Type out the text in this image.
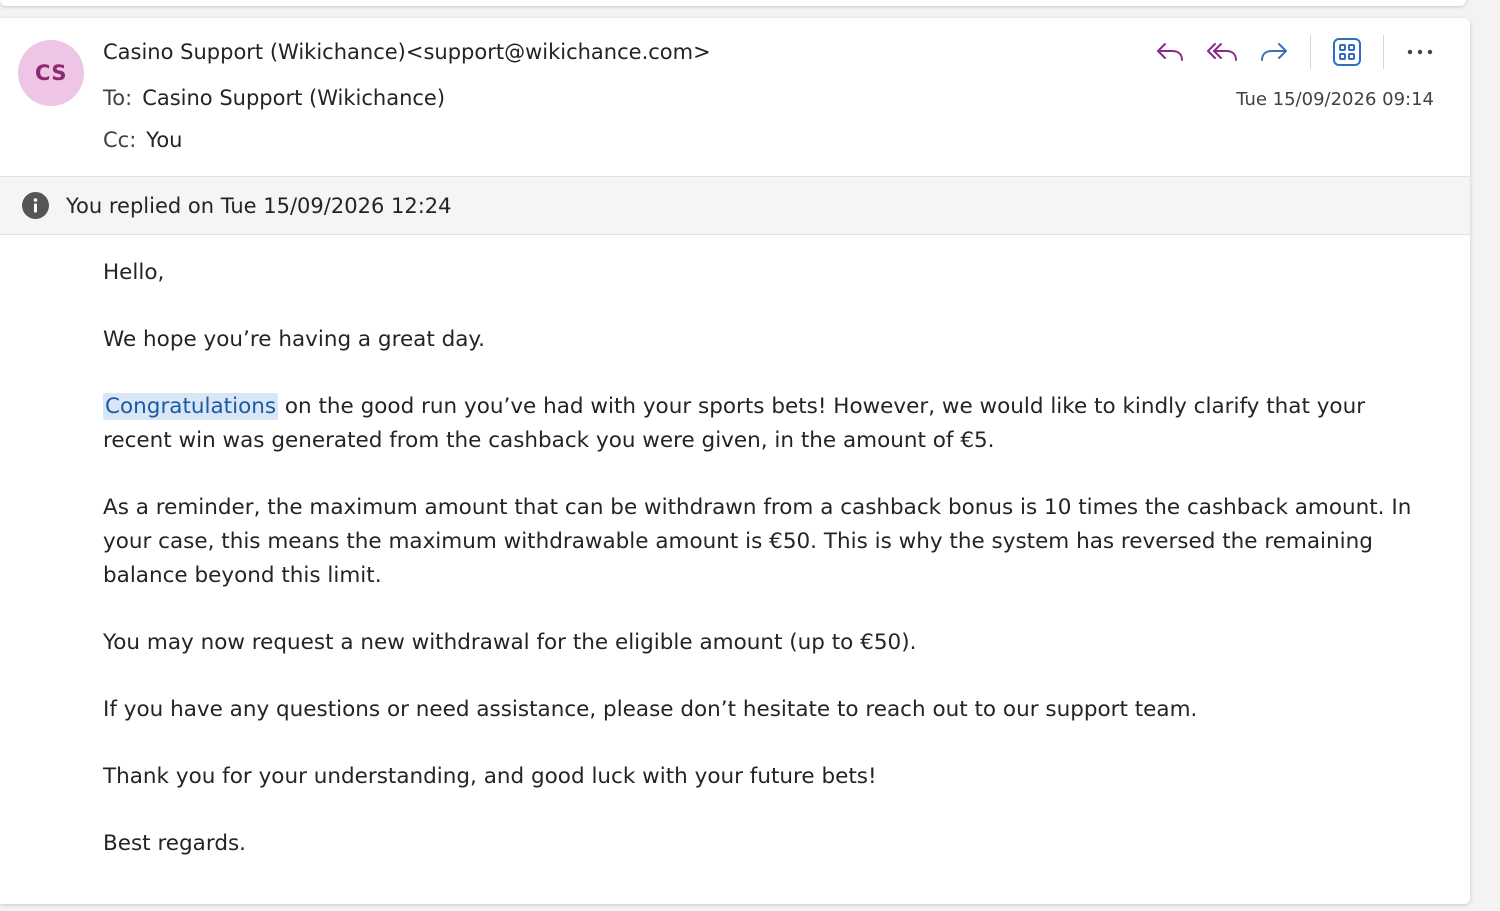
CS
Casino Support (Wikichance)<support@wikichance.com>
To: Casino Support (Wikichance)
Cc: You
Tue 15/09/2026 09:14
You replied on Tue 15/09/2026 12:24

Hello,

We hope you’re having a great day.

Congratulations on the good run you’ve had with your sports bets! However, we would like to kindly clarify that your recent win was generated from the cashback you were given, in the amount of €5.

As a reminder, the maximum amount that can be withdrawn from a cashback bonus is 10 times the cashback amount. In your case, this means the maximum withdrawable amount is €50. This is why the system has reversed the remaining balance beyond this limit.

You may now request a new withdrawal for the eligible amount (up to €50).

If you have any questions or need assistance, please don’t hesitate to reach out to our support team.

Thank you for your understanding, and good luck with your future bets!

Best regards.
